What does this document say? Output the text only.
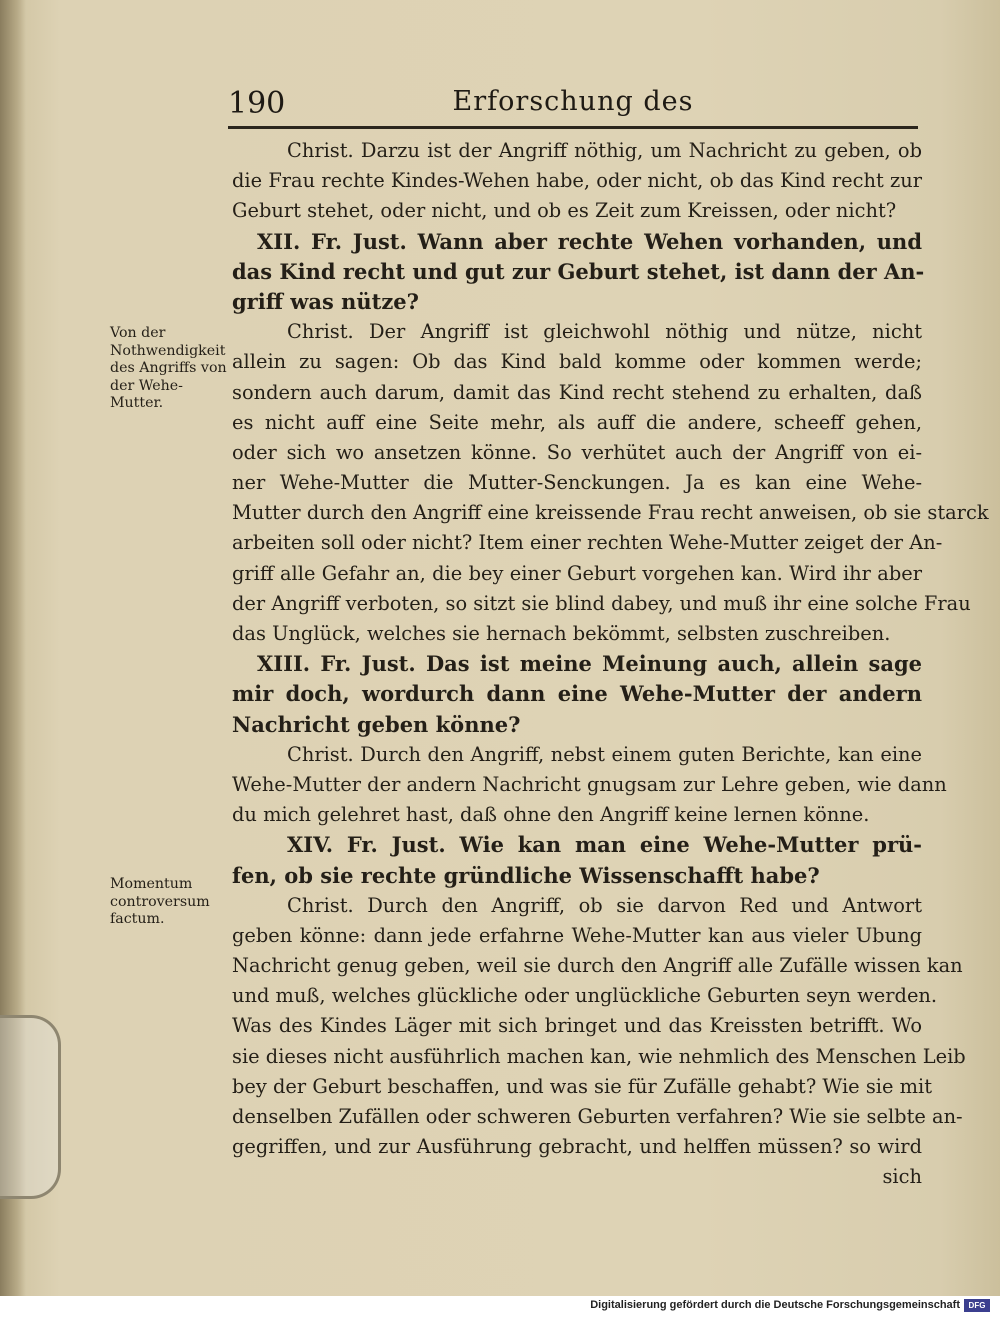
190	Erforschung des
Von der Nothwendigkeit des Angriffs von der Wehe-Mutter.
Momentum controversum factum.
Christ. Darzu ist der Angriff nöthig, um Nachricht zu geben, ob
die Frau rechte Kindes-Wehen habe, oder nicht, ob das Kind recht zur
Geburt stehet, oder nicht, und ob es Zeit zum Kreissen, oder nicht?
XII. Fr. Just. Wann aber rechte Wehen vorhanden, und
das Kind recht und gut zur Geburt stehet, ist dann der An-
griff was nütze?
Christ. Der Angriff ist gleichwohl nöthig und nütze, nicht
allein zu sagen: Ob das Kind bald komme oder kommen werde;
sondern auch darum, damit das Kind recht stehend zu erhalten, daß
es nicht auff eine Seite mehr, als auff die andere, scheeff gehen,
oder sich wo ansetzen könne. So verhütet auch der Angriff von ei-
ner Wehe-Mutter die Mutter-Senckungen. Ja es kan eine Wehe-
Mutter durch den Angriff eine kreissende Frau recht anweisen, ob sie starck
arbeiten soll oder nicht? Item einer rechten Wehe-Mutter zeiget der An-
griff alle Gefahr an, die bey einer Geburt vorgehen kan. Wird ihr aber
der Angriff verboten, so sitzt sie blind dabey, und muß ihr eine solche Frau
das Unglück, welches sie hernach bekömmt, selbsten zuschreiben.
XIII. Fr. Just. Das ist meine Meinung auch, allein sage
mir doch, wordurch dann eine Wehe-Mutter der andern
Nachricht geben könne?
Christ. Durch den Angriff, nebst einem guten Berichte, kan eine
Wehe-Mutter der andern Nachricht gnugsam zur Lehre geben, wie dann
du mich gelehret hast, daß ohne den Angriff keine lernen könne.
XIV. Fr. Just. Wie kan man eine Wehe-Mutter prü-
fen, ob sie rechte gründliche Wissenschafft habe?
Christ. Durch den Angriff, ob sie darvon Red und Antwort
geben könne: dann jede erfahrne Wehe-Mutter kan aus vieler Ubung
Nachricht genug geben, weil sie durch den Angriff alle Zufälle wissen kan
und muß, welches glückliche oder unglückliche Geburten seyn werden.
Was des Kindes Läger mit sich bringet und das Kreissten betrifft. Wo
sie dieses nicht ausführlich machen kan, wie nehmlich des Menschen Leib
bey der Geburt beschaffen, und was sie für Zufälle gehabt? Wie sie mit
denselben Zufällen oder schweren Geburten verfahren? Wie sie selbte an-
gegriffen, und zur Ausführung gebracht, und helffen müssen? so wird
sich
Digitalisierung gefördert durch die Deutsche Forschungsgemeinschaft	DFG
